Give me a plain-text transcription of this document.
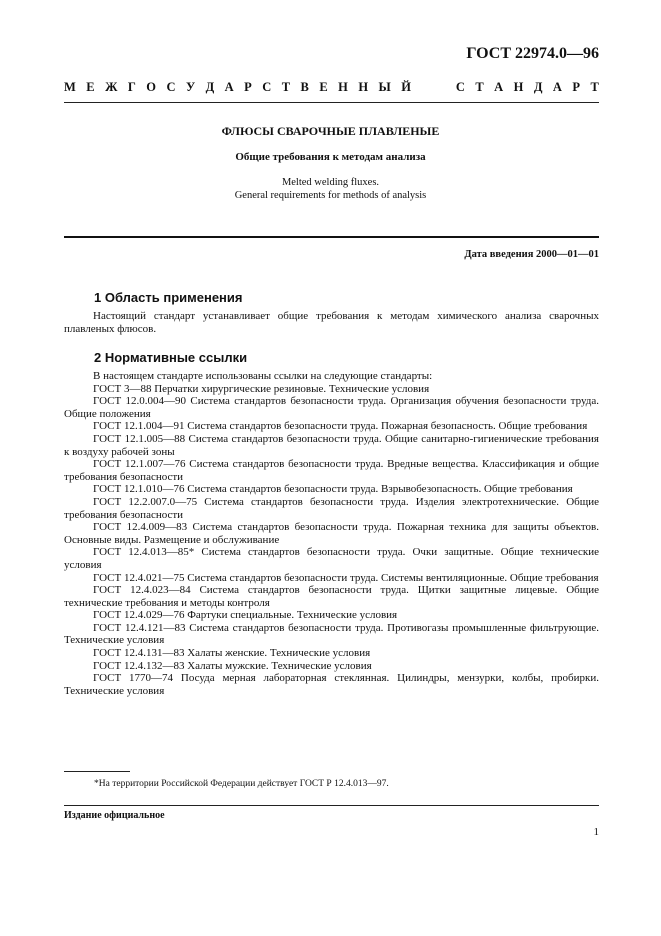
ГОСТ 22974.0—96
М Е Ж Г О С У Д А Р С Т В Е Н Н Ы Й	С Т А Н Д А Р Т
ФЛЮСЫ СВАРОЧНЫЕ ПЛАВЛЕНЫЕ
Общие требования к методам анализа
Melted welding fluxes.
General requirements for methods of analysis
Дата введения 2000—01—01
1 Область применения

Настоящий стандарт устанавливает общие требования к методам химического анализа сварочных плавленых флюсов.

2 Нормативные ссылки

В настоящем стандарте использованы ссылки на следующие стандарты:

ГОСТ 3—88 Перчатки хирургические резиновые. Технические условия

ГОСТ 12.0.004—90 Система стандартов безопасности труда. Организация обучения безопасности труда. Общие положения

ГОСТ 12.1.004—91 Система стандартов безопасности труда. Пожарная безопасность. Общие требования

ГОСТ 12.1.005—88 Система стандартов безопасности труда. Общие санитарно-гигиенические требования к воздуху рабочей зоны

ГОСТ 12.1.007—76 Система стандартов безопасности труда. Вредные вещества. Классификация и общие требования безопасности

ГОСТ 12.1.010—76 Система стандартов безопасности труда. Взрывобезопасность. Общие требования

ГОСТ 12.2.007.0—75 Система стандартов безопасности труда. Изделия электротехнические. Общие требования безопасности

ГОСТ 12.4.009—83 Система стандартов безопасности труда. Пожарная техника для защиты объектов. Основные виды. Размещение и обслуживание

ГОСТ 12.4.013—85* Система стандартов безопасности труда. Очки защитные. Общие технические условия

ГОСТ 12.4.021—75 Система стандартов безопасности труда. Системы вентиляционные. Общие требования

ГОСТ 12.4.023—84 Система стандартов безопасности труда. Щитки защитные лицевые. Общие технические требования и методы контроля

ГОСТ 12.4.029—76 Фартуки специальные. Технические условия

ГОСТ 12.4.121—83 Система стандартов безопасности труда. Противогазы промышленные фильтрующие. Технические условия

ГОСТ 12.4.131—83 Халаты женские. Технические условия

ГОСТ 12.4.132—83 Халаты мужские. Технические условия

ГОСТ 1770—74 Посуда мерная лабораторная стеклянная. Цилиндры, мензурки, колбы, пробирки. Технические условия

*На территории Российской Федерации действует ГОСТ Р 12.4.013—97.
Издание официальное
1
